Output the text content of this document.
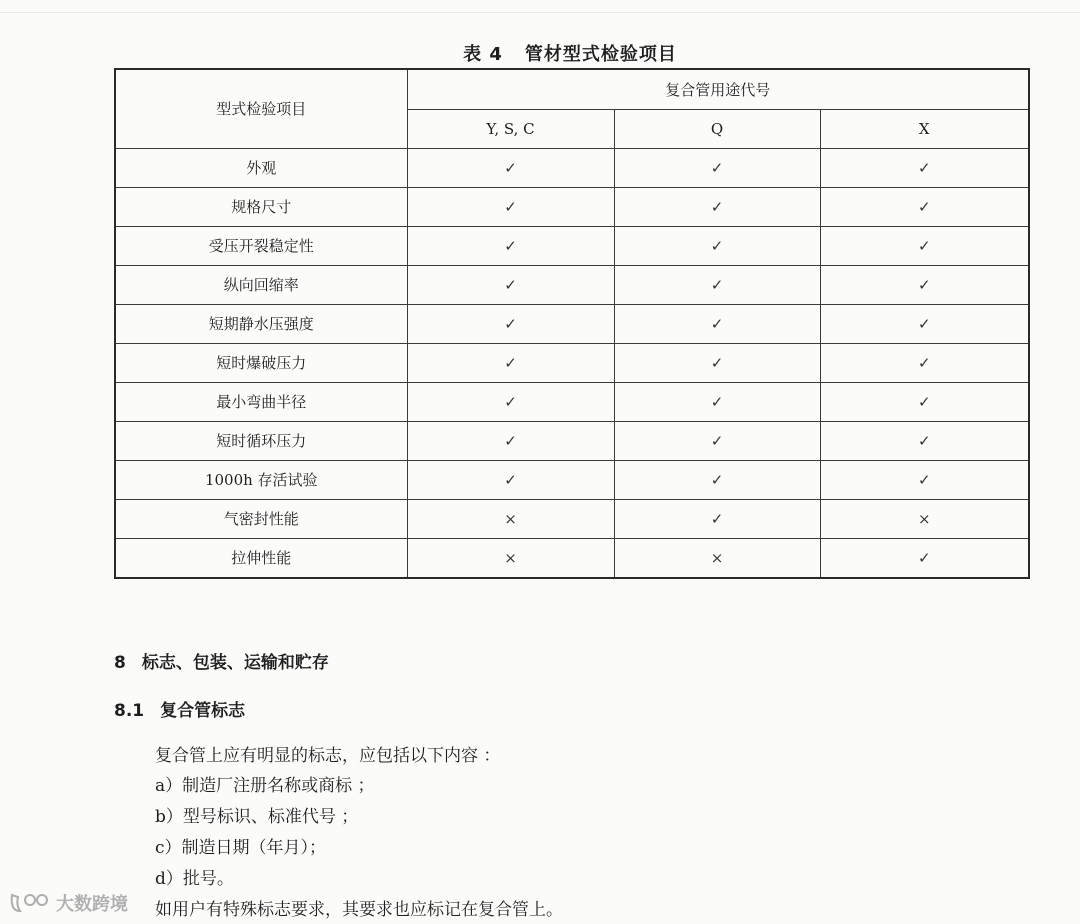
表 4 管材型式检验项目
型式检验项目	复合管用途代号		
	Y, S, C	Q	X
外观	✓	✓	✓
规格尺寸	✓	✓	✓
受压开裂稳定性	✓	✓	✓
纵向回缩率	✓	✓	✓
短期静水压强度	✓	✓	✓
短时爆破压力	✓	✓	✓
最小弯曲半径	✓	✓	✓
短时循环压力	✓	✓	✓
1000h 存活试验	✓	✓	✓
气密封性能	×	✓	×
拉伸性能	×	×	✓
8 标志、包装、运输和贮存
8.1 复合管标志
复合管上应有明显的标志，应包括以下内容 ：
a）制造厂注册名称或商标 ；
b）型号标识、标准代号 ；
c）制造日期（年月）；
d）批号。
如用户有特殊标志要求，其要求也应标记在复合管上。
大数跨境
